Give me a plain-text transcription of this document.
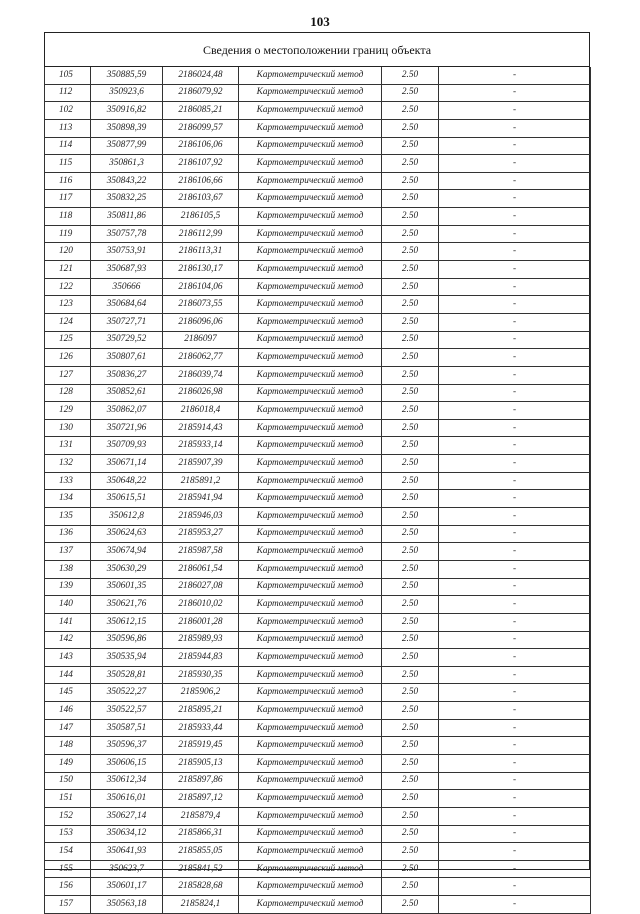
103
Сведения о местоположении границ объекта
105	350885,59	2186024,48	Картометрический метод	2.50	-
112	350923,6	2186079,92	Картометрический метод	2.50	-
102	350916,82	2186085,21	Картометрический метод	2.50	-
113	350898,39	2186099,57	Картометрический метод	2.50	-
114	350877,99	2186106,06	Картометрический метод	2.50	-
115	350861,3	2186107,92	Картометрический метод	2.50	-
116	350843,22	2186106,66	Картометрический метод	2.50	-
117	350832,25	2186103,67	Картометрический метод	2.50	-
118	350811,86	2186105,5	Картометрический метод	2.50	-
119	350757,78	2186112,99	Картометрический метод	2.50	-
120	350753,91	2186113,31	Картометрический метод	2.50	-
121	350687,93	2186130,17	Картометрический метод	2.50	-
122	350666	2186104,06	Картометрический метод	2.50	-
123	350684,64	2186073,55	Картометрический метод	2.50	-
124	350727,71	2186096,06	Картометрический метод	2.50	-
125	350729,52	2186097	Картометрический метод	2.50	-
126	350807,61	2186062,77	Картометрический метод	2.50	-
127	350836,27	2186039,74	Картометрический метод	2.50	-
128	350852,61	2186026,98	Картометрический метод	2.50	-
129	350862,07	2186018,4	Картометрический метод	2.50	-
130	350721,96	2185914,43	Картометрический метод	2.50	-
131	350709,93	2185933,14	Картометрический метод	2.50	-
132	350671,14	2185907,39	Картометрический метод	2.50	-
133	350648,22	2185891,2	Картометрический метод	2.50	-
134	350615,51	2185941,94	Картометрический метод	2.50	-
135	350612,8	2185946,03	Картометрический метод	2.50	-
136	350624,63	2185953,27	Картометрический метод	2.50	-
137	350674,94	2185987,58	Картометрический метод	2.50	-
138	350630,29	2186061,54	Картометрический метод	2.50	-
139	350601,35	2186027,08	Картометрический метод	2.50	-
140	350621,76	2186010,02	Картометрический метод	2.50	-
141	350612,15	2186001,28	Картометрический метод	2.50	-
142	350596,86	2185989,93	Картометрический метод	2.50	-
143	350535,94	2185944,83	Картометрический метод	2.50	-
144	350528,81	2185930,35	Картометрический метод	2.50	-
145	350522,27	2185906,2	Картометрический метод	2.50	-
146	350522,57	2185895,21	Картометрический метод	2.50	-
147	350587,51	2185933,44	Картометрический метод	2.50	-
148	350596,37	2185919,45	Картометрический метод	2.50	-
149	350606,15	2185905,13	Картометрический метод	2.50	-
150	350612,34	2185897,86	Картометрический метод	2.50	-
151	350616,01	2185897,12	Картометрический метод	2.50	-
152	350627,14	2185879,4	Картометрический метод	2.50	-
153	350634,12	2185866,31	Картометрический метод	2.50	-
154	350641,93	2185855,05	Картометрический метод	2.50	-
155	350623,7	2185841,52	Картометрический метод	2.50	-
156	350601,17	2185828,68	Картометрический метод	2.50	-
157	350563,18	2185824,1	Картометрический метод	2.50	-
